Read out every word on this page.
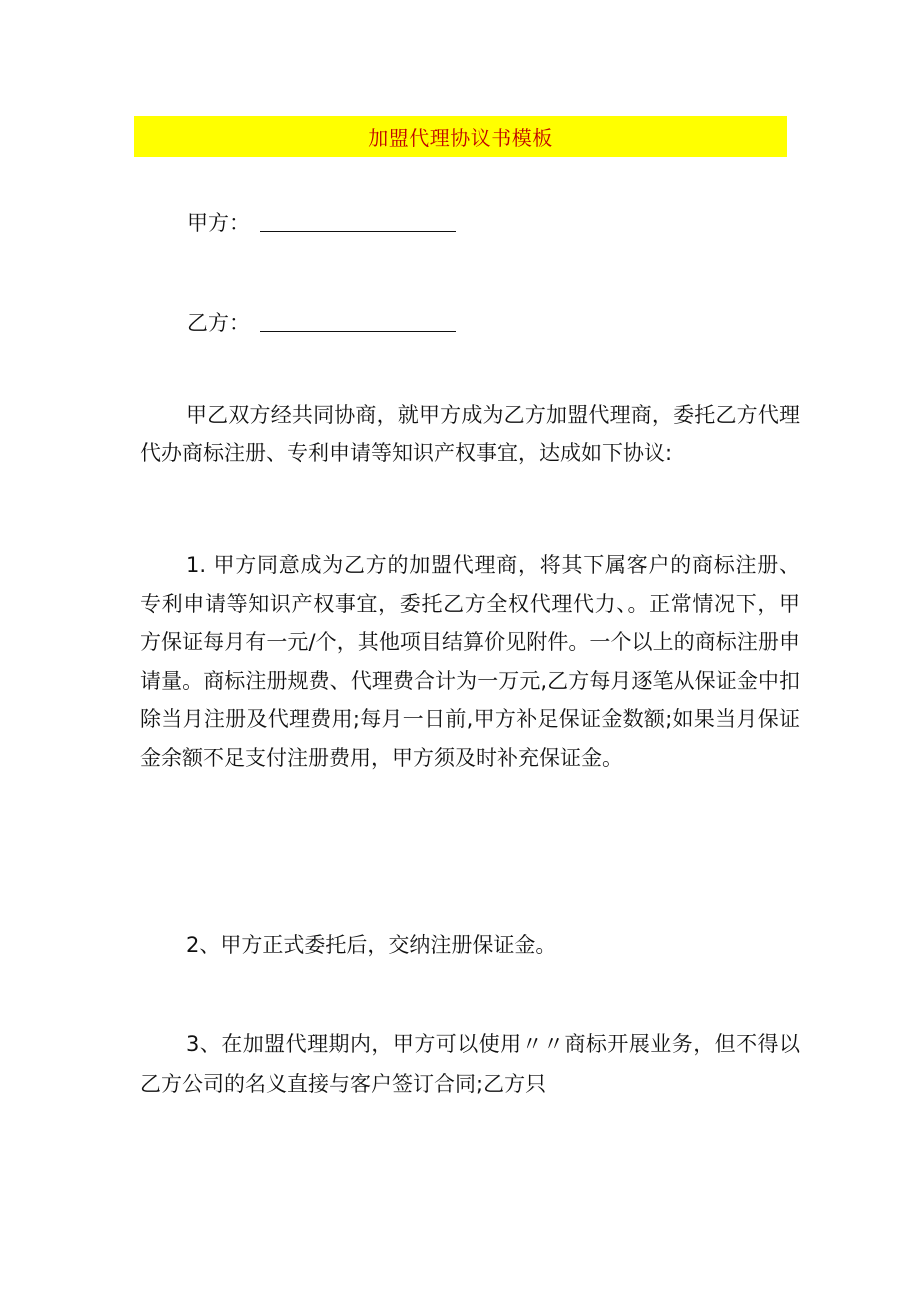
加盟代理协议书模板
甲方：
乙方：

甲乙双方经共同协商，就甲方成为乙方加盟代理商，委托乙方代理代办商标注册、专利申请等知识产权事宜，达成如下协议:

1. 甲方同意成为乙方的加盟代理商，将其下属客户的商标注册、专利申请等知识产权事宜，委托乙方全权代理代力、。正常情况下，甲方保证每月有一元/个，其他项目结算价见附件。一个以上的商标注册申请量。商标注册规费、代理费合计为一万元,乙方每月逐笔从保证金中扣除当月注册及代理费用;每月一日前,甲方补足保证金数额;如果当月保证金余额不足支付注册费用，甲方须及时补充保证金。

2、甲方正式委托后，交纳注册保证金。

3、在加盟代理期内，甲方可以使用〃〃商标开展业务，但不得以乙方公司的名义直接与客户签订合同;乙方只
